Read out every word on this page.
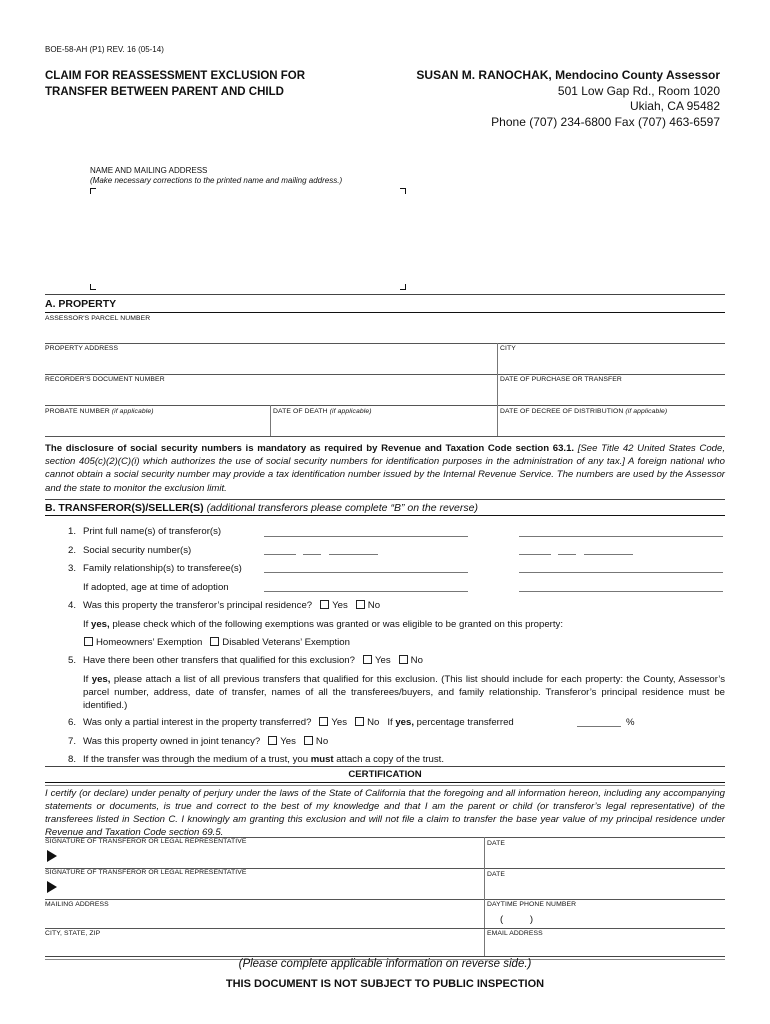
BOE-58-AH (P1) REV. 16 (05-14)
CLAIM FOR REASSESSMENT EXCLUSION FOR
TRANSFER BETWEEN PARENT AND CHILD
SUSAN M. RANOCHAK, Mendocino County Assessor
501 Low Gap Rd., Room 1020
Ukiah, CA 95482
Phone (707) 234-6800 Fax (707) 463-6597
NAME AND MAILING ADDRESS
(Make necessary corrections to the printed name and mailing address.)
A. PROPERTY
ASSESSOR'S PARCEL NUMBER
PROPERTY ADDRESS	CITY
RECORDER'S DOCUMENT NUMBER	DATE OF PURCHASE OR TRANSFER
PROBATE NUMBER (if applicable)	DATE OF DEATH (if applicable)	DATE OF DECREE OF DISTRIBUTION (if applicable)
The disclosure of social security numbers is mandatory as required by Revenue and Taxation Code section 63.1. [See Title 42 United States Code, section 405(c)(2)(C)(i) which authorizes the use of social security numbers for identification purposes in the administration of any tax.] A foreign national who cannot obtain a social security number may provide a tax identification number issued by the Internal Revenue Service. The numbers are used by the Assessor and the state to monitor the exclusion limit.
B. TRANSFEROR(S)/SELLER(S) (additional transferors please complete “B” on the reverse)
1. Print full name(s) of transferor(s)
2. Social security number(s)
3. Family relationship(s) to transferee(s)
If adopted, age at time of adoption
4. Was this property the transferor’s principal residence? Yes No
If yes, please check which of the following exemptions was granted or was eligible to be granted on this property:
Homeowners’ Exemption Disabled Veterans’ Exemption
5. Have there been other transfers that qualified for this exclusion? Yes No
If yes, please attach a list of all previous transfers that qualified for this exclusion. (This list should include for each property: the County, Assessor’s parcel number, address, date of transfer, names of all the transferees/buyers, and family relationship. Transferor’s principal residence must be identified.)
6. Was only a partial interest in the property transferred? Yes No If yes, percentage transferred	%
7. Was this property owned in joint tenancy? Yes No
8. If the transfer was through the medium of a trust, you must attach a copy of the trust.
CERTIFICATION
I certify (or declare) under penalty of perjury under the laws of the State of California that the foregoing and all information hereon, including any accompanying statements or documents, is true and correct to the best of my knowledge and that I am the parent or child (or transferor’s legal representative) of the transferees listed in Section C. I knowingly am granting this exclusion and will not file a claim to transfer the base year value of my principal residence under Revenue and Taxation Code section 69.5.
SIGNATURE OF TRANSFEROR OR LEGAL REPRESENTATIVE	DATE
SIGNATURE OF TRANSFEROR OR LEGAL REPRESENTATIVE	DATE
MAILING ADDRESS	DAYTIME PHONE NUMBER
(          )
CITY, STATE, ZIP	EMAIL ADDRESS
(Please complete applicable information on reverse side.)
THIS DOCUMENT IS NOT SUBJECT TO PUBLIC INSPECTION
